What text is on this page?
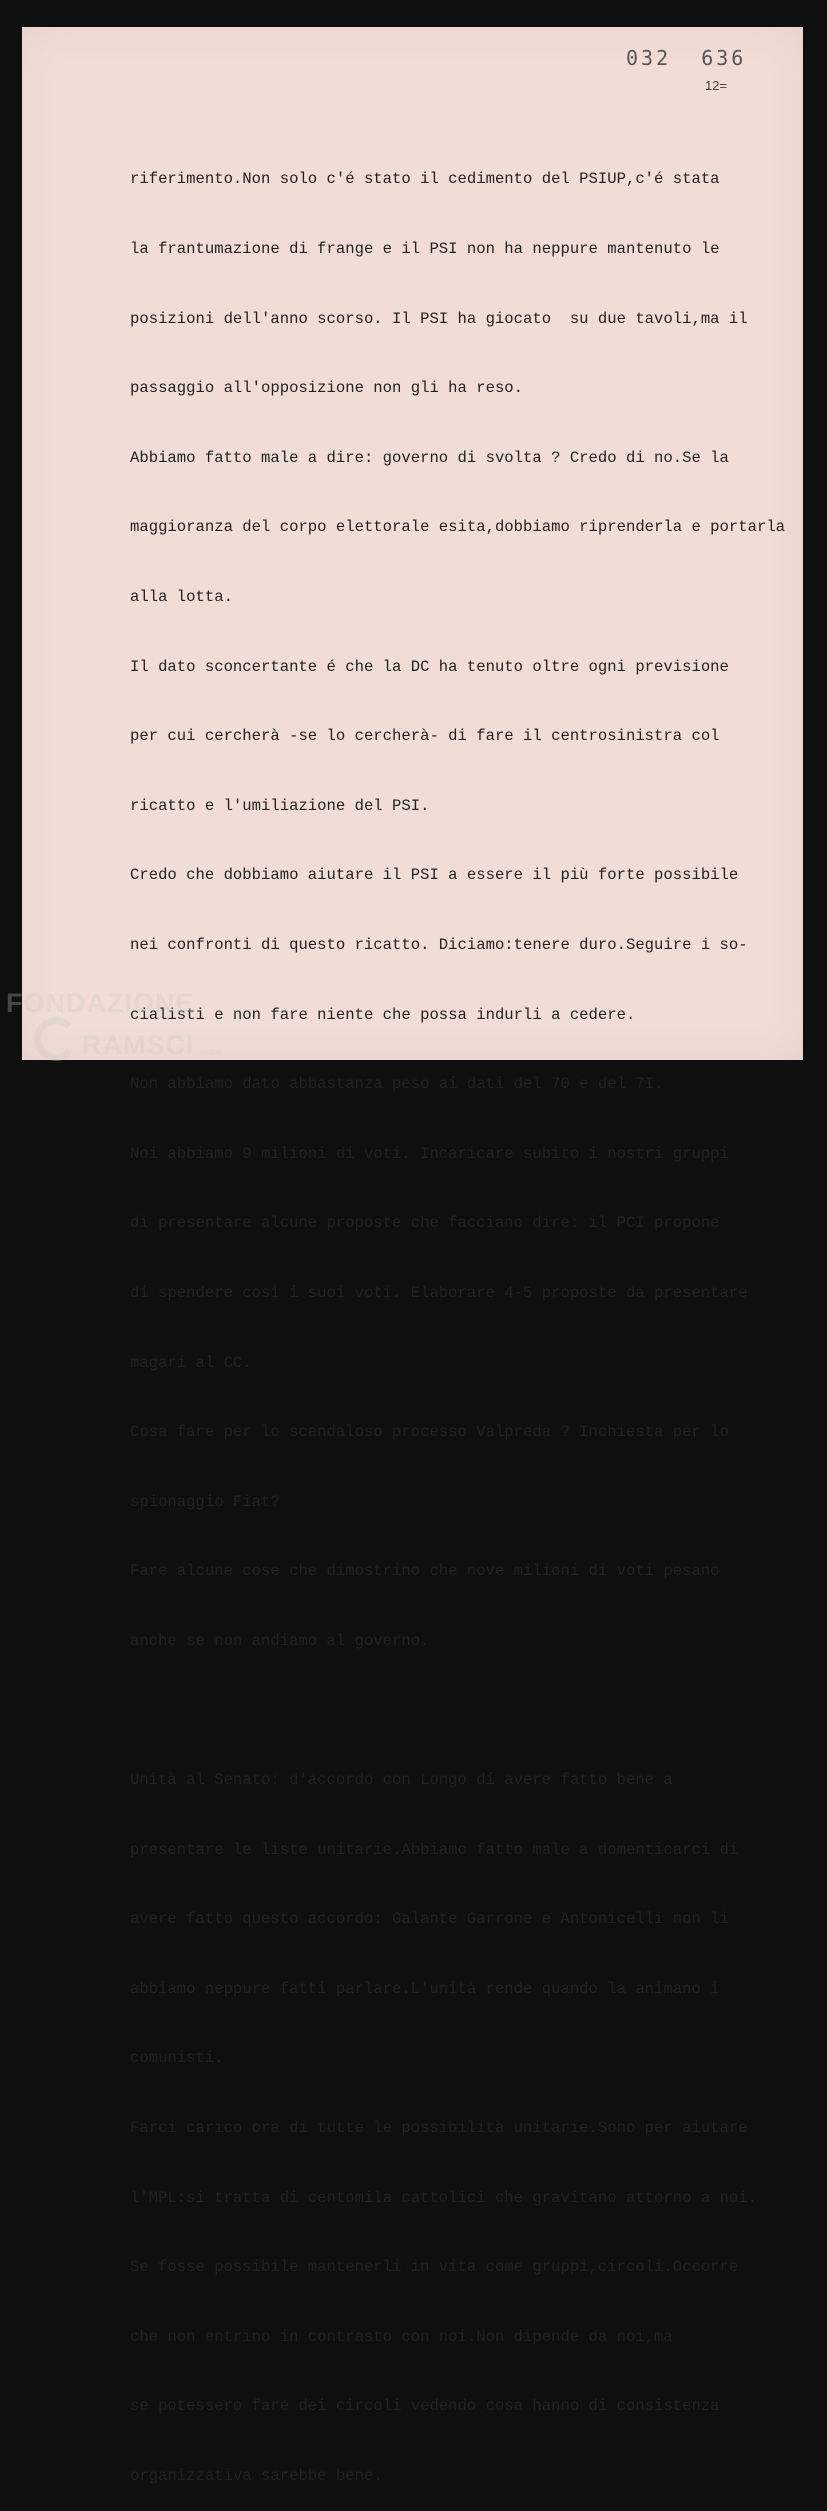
032  636
12=

riferimento.Non solo c'é stato il cedimento del PSIUP,c'é stata

la frantumazione di frange e il PSI non ha neppure mantenuto le

posizioni dell'anno scorso. Il PSI ha giocato  su due tavoli,ma il

passaggio all'opposizione non gli ha reso.

Abbiamo fatto male a dire: governo di svolta ? Credo di no.Se la

maggioranza del corpo elettorale esita,dobbiamo riprenderla e portarla

alla lotta.

Il dato sconcertante é che la DC ha tenuto oltre ogni previsione

per cui cercherà -se lo cercherà- di fare il centrosinistra col

ricatto e l'umiliazione del PSI.

Credo che dobbiamo aiutare il PSI a essere il più forte possibile

nei confronti di questo ricatto. Diciamo:tenere duro.Seguire i so-

cialisti e non fare niente che possa indurli a cedere.

Non abbiamo dato abbastanza peso ai dati del 70 e del 7I.

Noi abbiamo 9 milioni di voti. Incaricare subito i nostri gruppi

di presentare alcune proposte che facciano dire: il PCI propone

di spendere così i suoi voti. Elaborare 4-5 proposte da presentare

magari al CC.

Cosa fare per lo scandaloso processo Valpreda ? Inchiesta per lo

spionaggio Fiat?

Fare alcune cose che dimostrino che nove milioni di voti pesano

anche se non andiamo al governo.

Unità al Senato: d'accordo con Longo di avere fatto bene a

presentare le liste unitarie.Abbiamo fatto male a domenticarci di

avere fatto questo accordo: Galante Garrone e Antonicelli non li

abbiamo neppure fatti parlare.L'unità rende quando la animano i

comunisti.

Farci carico ora di tutte le possibilità unitarie.Sono per aiutare

l'MPL:si tratta di centomila cattolici che gravitano attorno a noi.

Se fosse possibile mantenerli in vita come gruppi,circoli.Occorre

che non entrino in contrasto con noi.Non dipende da noi,ma

se potessero fare dei circoli vedendo cosa hanno di consistenza

organizzativa sarebbe bene.

FONDAZIONE
RAMSCI onlus
